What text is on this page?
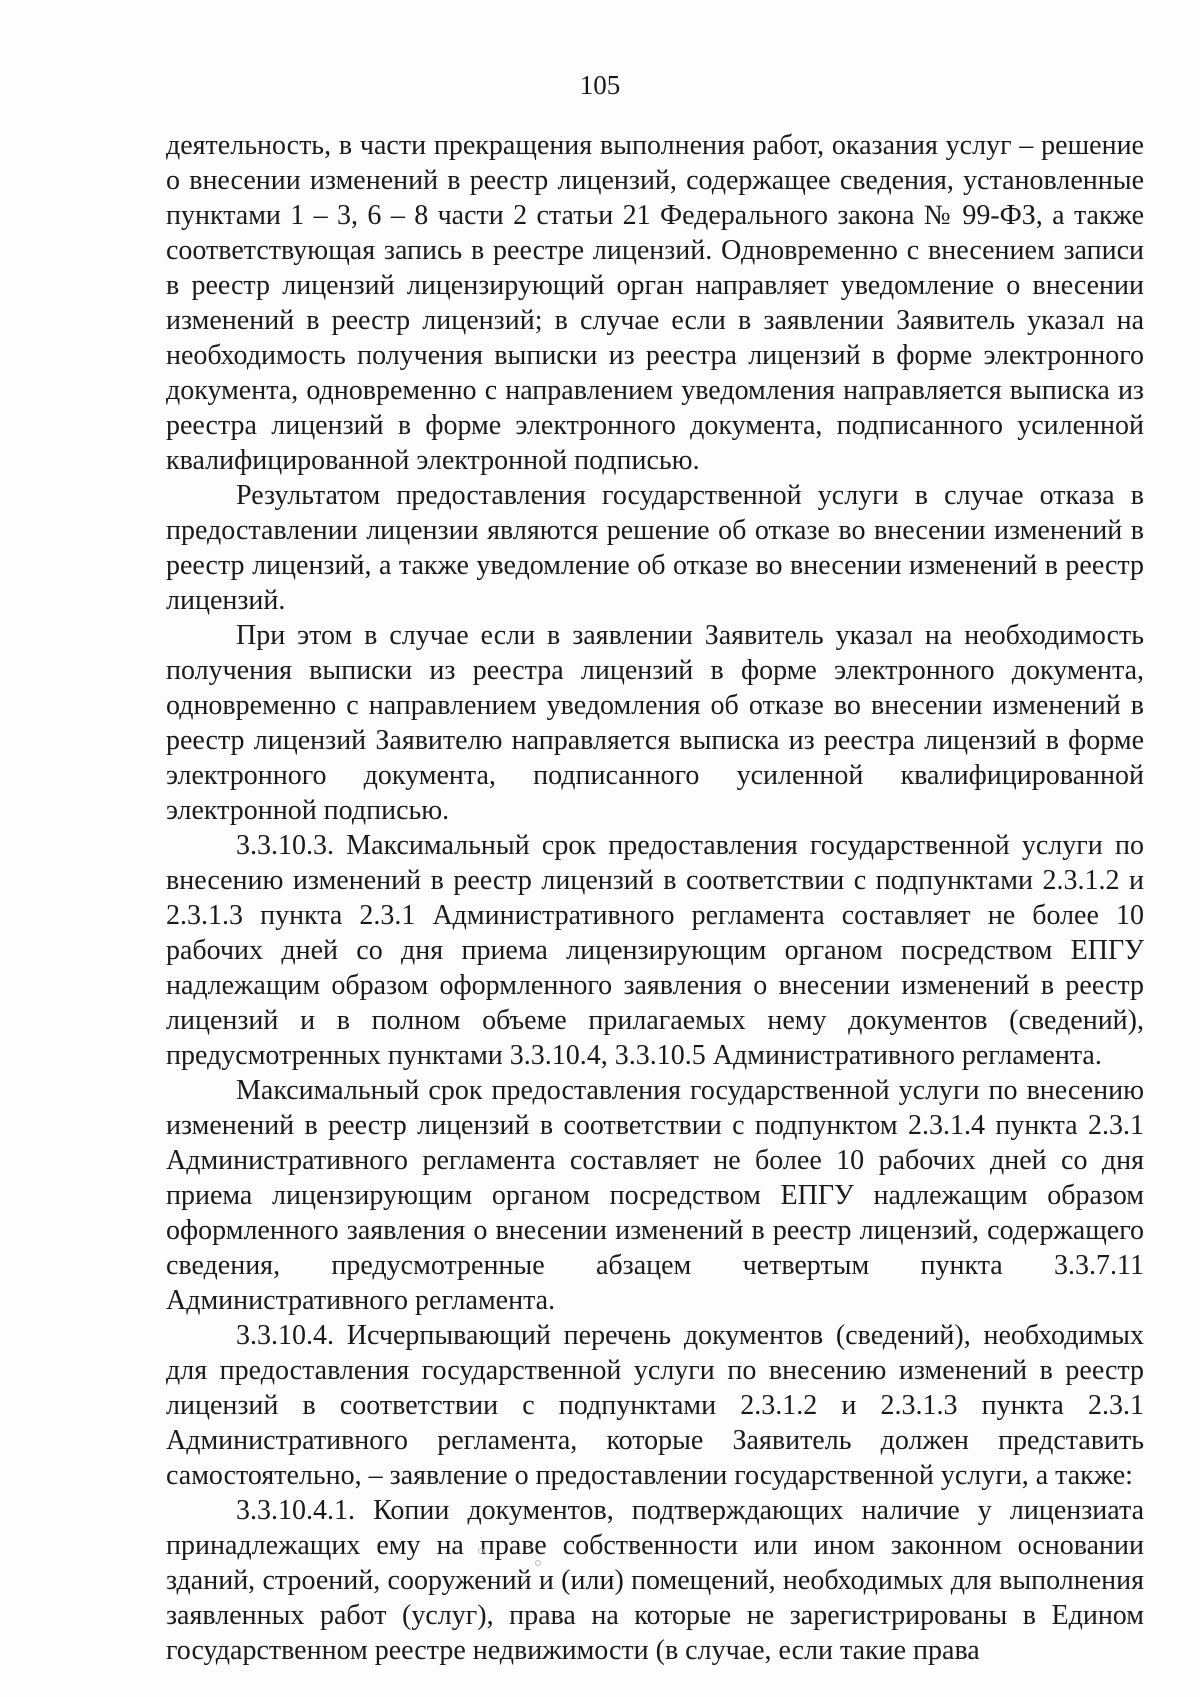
105

деятельность, в части прекращения выполнения работ, оказания услуг – решение о внесении изменений в реестр лицензий, содержащее сведения, установленные пунктами 1 – 3, 6 – 8 части 2 статьи 21 Федерального закона № 99-ФЗ, а также соответствующая запись в реестре лицензий. Одновременно с внесением записи в реестр лицензий лицензирующий орган направляет уведомление о внесении изменений в реестр лицензий; в случае если в заявлении Заявитель указал на необходимость получения выписки из реестра лицензий в форме электронного документа, одновременно с направлением уведомления направляется выписка из реестра лицензий в форме электронного документа, подписанного усиленной квалифицированной электронной подписью.

Результатом предоставления государственной услуги в случае отказа в предоставлении лицензии являются решение об отказе во внесении изменений в реестр лицензий, а также уведомление об отказе во внесении изменений в реестр лицензий.

При этом в случае если в заявлении Заявитель указал на необходимость получения выписки из реестра лицензий в форме электронного документа, одновременно с направлением уведомления об отказе во внесении изменений в реестр лицензий Заявителю направляется выписка из реестра лицензий в форме электронного документа, подписанного усиленной квалифицированной электронной подписью.

3.3.10.3. Максимальный срок предоставления государственной услуги по внесению изменений в реестр лицензий в соответствии с подпунктами 2.3.1.2 и 2.3.1.3 пункта 2.3.1 Административного регламента составляет не более 10 рабочих дней со дня приема лицензирующим органом посредством ЕПГУ надлежащим образом оформленного заявления о внесении изменений в реестр лицензий и в полном объеме прилагаемых нему документов (сведений), предусмотренных пунктами 3.3.10.4, 3.3.10.5 Административного регламента.

Максимальный срок предоставления государственной услуги по внесению изменений в реестр лицензий в соответствии с подпунктом 2.3.1.4 пункта 2.3.1 Административного регламента составляет не более 10 рабочих дней со дня приема лицензирующим органом посредством ЕПГУ надлежащим образом оформленного заявления о внесении изменений в реестр лицензий, содержащего сведения, предусмотренные абзацем четвертым пункта 3.3.7.11 Административного регламента.

3.3.10.4. Исчерпывающий перечень документов (сведений), необходимых для предоставления государственной услуги по внесению изменений в реестр лицензий в соответствии с подпунктами 2.3.1.2 и 2.3.1.3 пункта 2.3.1 Административного регламента, которые Заявитель должен представить самостоятельно, – заявление о предоставлении государственной услуги, а также:

3.3.10.4.1. Копии документов, подтверждающих наличие у лицензиата принадлежащих ему на праве собственности или ином законном основании зданий, строений, сооружений и (или) помещений, необходимых для выполнения заявленных работ (услуг), права на которые не зарегистрированы в Едином государственном реестре недвижимости (в случае, если такие права
